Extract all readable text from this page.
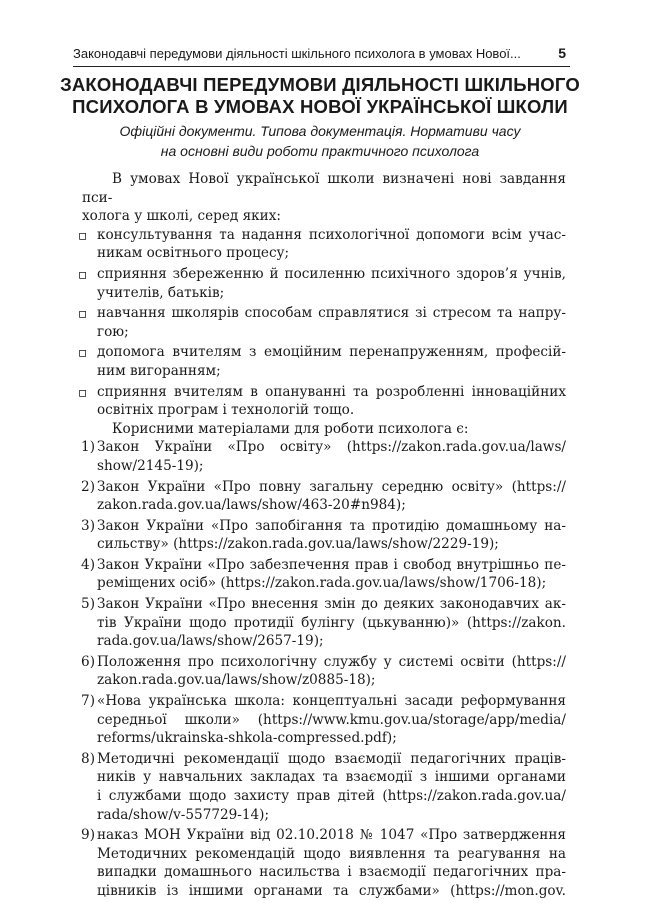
Законодавчі передумови діяльності шкільного психолога в умовах Нової...	5
ЗАКОНОДАВЧІ ПЕРЕДУМОВИ ДІЯЛЬНОСТІ ШКІЛЬНОГО
ПСИХОЛОГА В УМОВАХ НОВОЇ УКРАЇНСЬКОЇ ШКОЛИ
Офіційні документи. Типова документація. Нормативи часу
на основні види роботи практичного психолога

В умовах Нової української школи визначені нові завдання пси-

холога у школі, серед яких:

▫ консультування та надання психологічної допомоги всім учас-
никам освітнього процесу;
▫ сприяння збереженню й посиленню психічного здоров’я учнів,
учителів, батьків;
▫ навчання школярів способам справлятися зі стресом та напру-
гою;
▫ допомога вчителям з емоційним перенапруженням, професій-
ним вигоранням;
▫ сприяння вчителям в опануванні та розробленні інноваційних
освітніх програм і технологій тощо.

Корисними матеріалами для роботи психолога є:

1) Закон України «Про освіту» (https://zakon.rada.gov.ua/laws/
show/2145-19);
2) Закон України «Про повну загальну середню освіту» (https://
zakon.rada.gov.ua/laws/show/463-20#n984);
3) Закон України «Про запобігання та протидію домашньому на-
сильству» (https://zakon.rada.gov.ua/laws/show/2229-19);
4) Закон України «Про забезпечення прав і свобод внутрішньо пе-
реміщених осіб» (https://zakon.rada.gov.ua/laws/show/1706-18);
5) Закон України «Про внесення змін до деяких законодавчих ак-
тів України щодо протидії булінгу (цькуванню)» (https://zakon.
rada.gov.ua/laws/show/2657-19);
6) Положення про психологічну службу у системі освіти (https://
zakon.rada.gov.ua/laws/show/z0885-18);
7) «Нова українська школа: концептуальні засади реформування
середньої школи» (https://www.kmu.gov.ua/storage/app/media/
reforms/ukrainska-shkola-compressed.pdf);
8) Методичні рекомендації щодо взаємодії педагогічних праців-
ників у навчальних закладах та взаємодії з іншими органами
і службами щодо захисту прав дітей (https://zakon.rada.gov.ua/
rada/show/v-557729-14);
9) наказ МОН України від 02.10.2018 № 1047 «Про затвердження
Методичних рекомендацій щодо виявлення та реагування на
випадки домашнього насильства і взаємодії педагогічних пра-
цівників із іншими органами та службами» (https://mon.gov.
